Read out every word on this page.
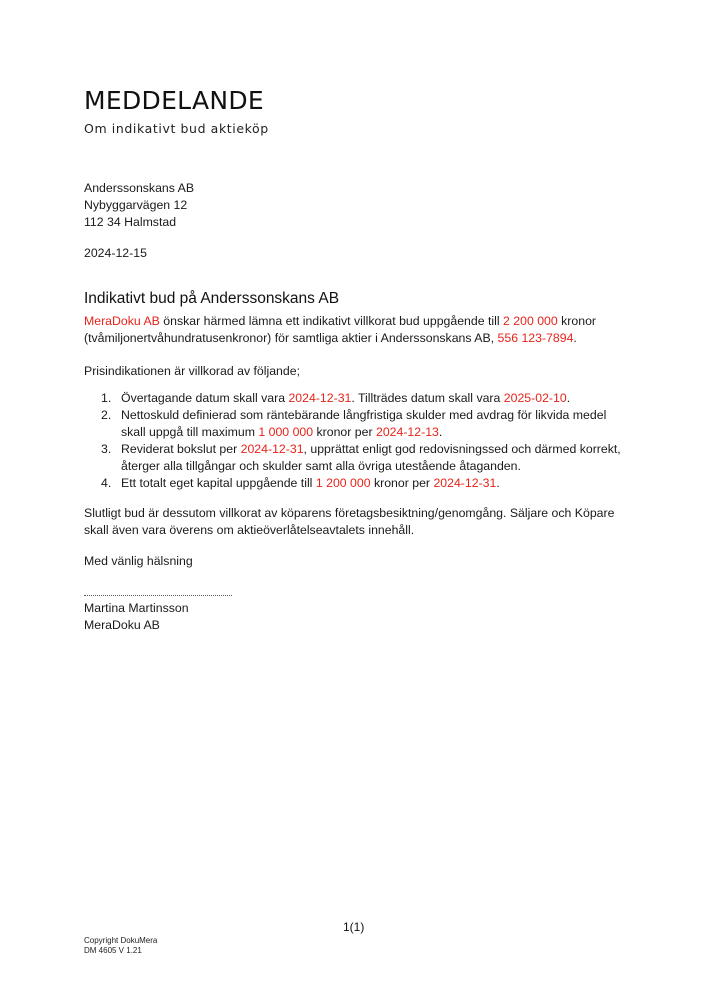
MEDDELANDE
Om indikativt bud aktieköp
Anderssonskans AB
Nybyggarvägen 12
112 34 Halmstad
2024-12-15
Indikativt bud på Anderssonskans AB
MeraDoku AB önskar härmed lämna ett indikativt villkorat bud uppgående till 2 200 000 kronor (tvåmiljonertvåhundratusenkronor) för samtliga aktier i Anderssonskans AB, 556 123-7894.
Prisindikationen är villkorad av följande;
1. Övertagande datum skall vara 2024-12-31. Tillträdes datum skall vara 2025-02-10.
2. Nettoskuld definierad som räntebärande långfristiga skulder med avdrag för likvida medel skall uppgå till maximum 1 000 000 kronor per 2024-12-13.
3. Reviderat bokslut per 2024-12-31, upprättat enligt god redovisningssed och därmed korrekt, återger alla tillgångar och skulder samt alla övriga utestående åtaganden.
4. Ett totalt eget kapital uppgående till 1 200 000 kronor per 2024-12-31.
Slutligt bud är dessutom villkorat av köparens företagsbesiktning/genomgång. Säljare och Köpare skall även vara överens om aktieöverlåtelseavtalets innehåll.
Med vänlig hälsning
Martina Martinsson
MeraDoku AB
1(1)
Copyright DokuMera
DM 4605 V 1.21
